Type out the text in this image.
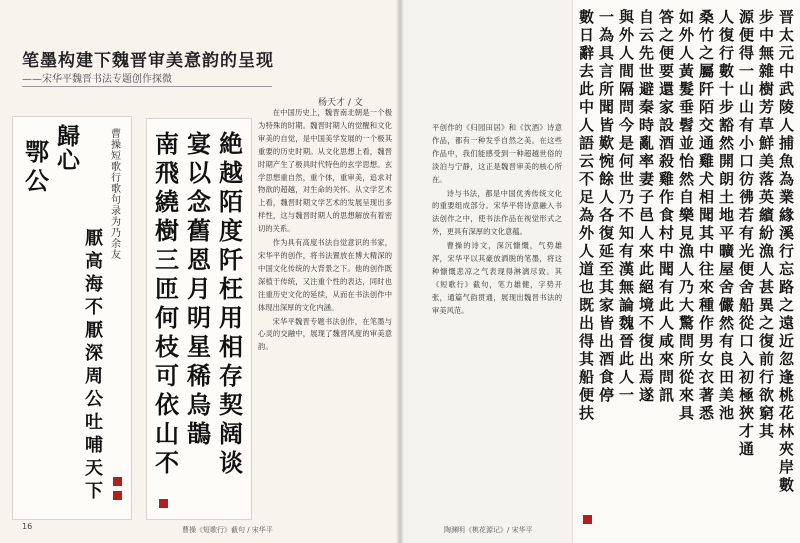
笔墨构建下魏晋审美意韵的呈现
——宋华平魏晋书法专题创作探微
杨天才 / 文
曹操短歌行歌句录为乃余友
鄂公
歸心
厭高海不厭深周公吐哺天下
絶越陌度阡枉用相存契阔谈
宴以念舊恩月明星稀烏鵲
南飛繞樹三匝何枝可依山不
曹操《短歌行》截句 / 宋华平

在中国历史上，魏晋南北朝是一个极为特殊的时期。魏晋时期人的觉醒和文化审美的自觉，是中国美学发展的一个极其重要的历史时期。从文化思想上看，魏晋时期产生了极具时代特色的玄学思想。玄学思想重自然，重个体，重审美，追求对物欲的超越，对生命的关怀。从文学艺术上看，魏晋时期文学艺术的发展呈现出多样性，这与魏晋时期人的思想解放有着密切的关系。

作为具有高度书法自觉意识的书家，宋华平的创作，将书法置放在博大精深的中国文化传统的大背景之下。他的创作既深植于传统，又注重个性的表达，同时也注重历史文化的延续，从而在书法创作中体现出深厚的文化内涵。

宋华平魏晋专题书法创作，在笔墨与心灵的交融中，展现了魏晋风度的审美意韵。

16

平创作的《归园田居》和《饮酒》诗意作品，都有一种发乎自然之美。在这些作品中，我们能感受到一种超越世俗的淡泊与宁静，这正是魏晋审美的核心所在。

诗与书法，都是中国优秀传统文化的重要组成部分。宋华平将诗意融入书法创作之中，使书法作品在视觉形式之外，更具有深厚的文化意蕴。

曹操的诗文，深沉慷慨，气势雄浑，宋华平以其豪放洒脱的笔墨，将这种慷慨悲凉之气表现得淋漓尽致。其《短歌行》截句，笔力雄健，字势开张，通篇气韵贯通，展现出魏晋书法的审美风范。

陶渊明《桃花源记》/ 宋华平
晋太元中武陵人捕魚為業緣溪行忘路之遠近忽逢桃花林夾岸數
步中無雜樹芳草鮮美落英繽紛漁人甚異之復前行欲窮其
源便得一山山有小口彷彿若有光便舍船從口入初極狹才通
人復行數十步豁然開朗土地平曠屋舍儼然有良田美池
桑竹之屬阡陌交通雞犬相聞其中往來種作男女衣著悉
如外人黃髮垂髫並怡然自樂見漁人乃大驚問所從來具
答之便要還家設酒殺雞作食村中聞有此人咸來問訊
自云先世避秦時亂率妻子邑人來此絕境不復出焉遂
與外人間隔問今是何世乃不知有漢無論魏晉此人一
一為具言所聞皆歎惋餘人各復延至其家皆出酒食停
數日辭去此中人語云不足為外人道也既出得其船便扶
